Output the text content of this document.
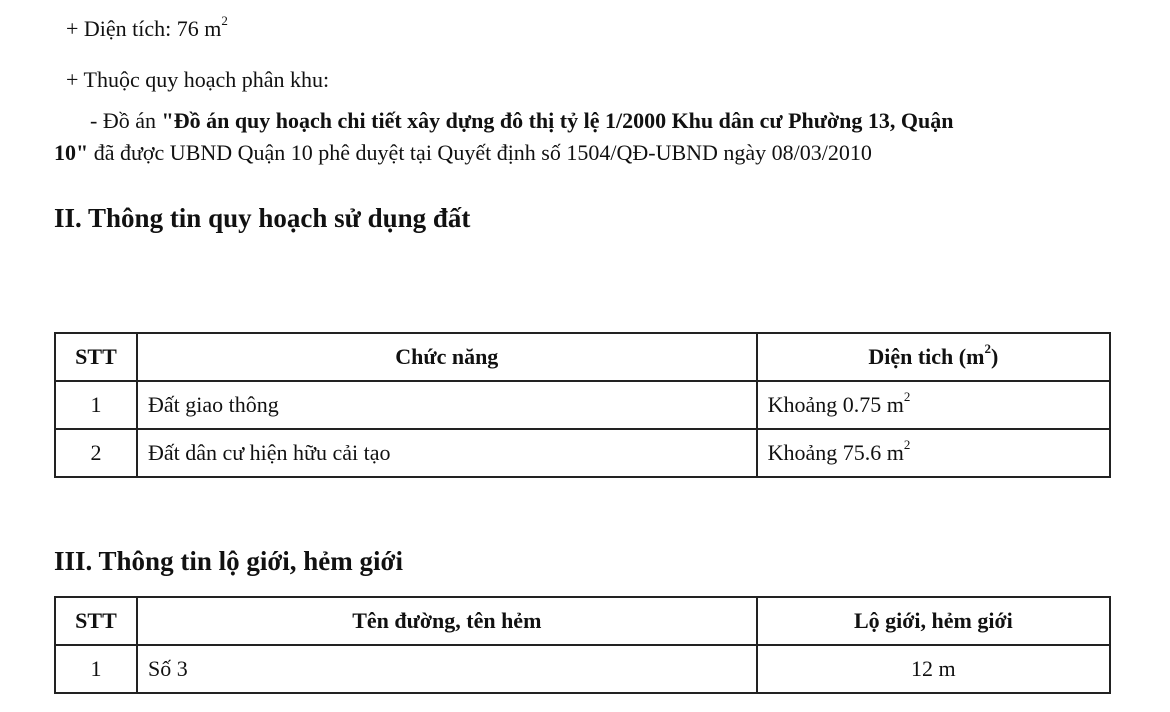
+ Diện tích: 76 $m^2$
+ Thuộc quy hoạch phân khu:
- Đồ án "Đồ án quy hoạch chi tiết xây dựng đô thị tỷ lệ 1/2000 Khu dân cư Phường 13, Quận
10" đã được UBND Quận 10 phê duyệt tại Quyết định số 1504/QĐ-UBND ngày 08/03/2010
II. Thông tin quy hoạch sử dụng đất
STT	Chức năng	Diện tich $(m^2)$
1	Đất giao thông	Khoảng 0.75 $m^2$
2	Đất dân cư hiện hữu cải tạo	Khoảng 75.6 $m^2$
III. Thông tin lộ giới, hẻm giới
STT	Tên đường, tên hẻm	Lộ giới, hẻm giới
1	Số 3	12 m
